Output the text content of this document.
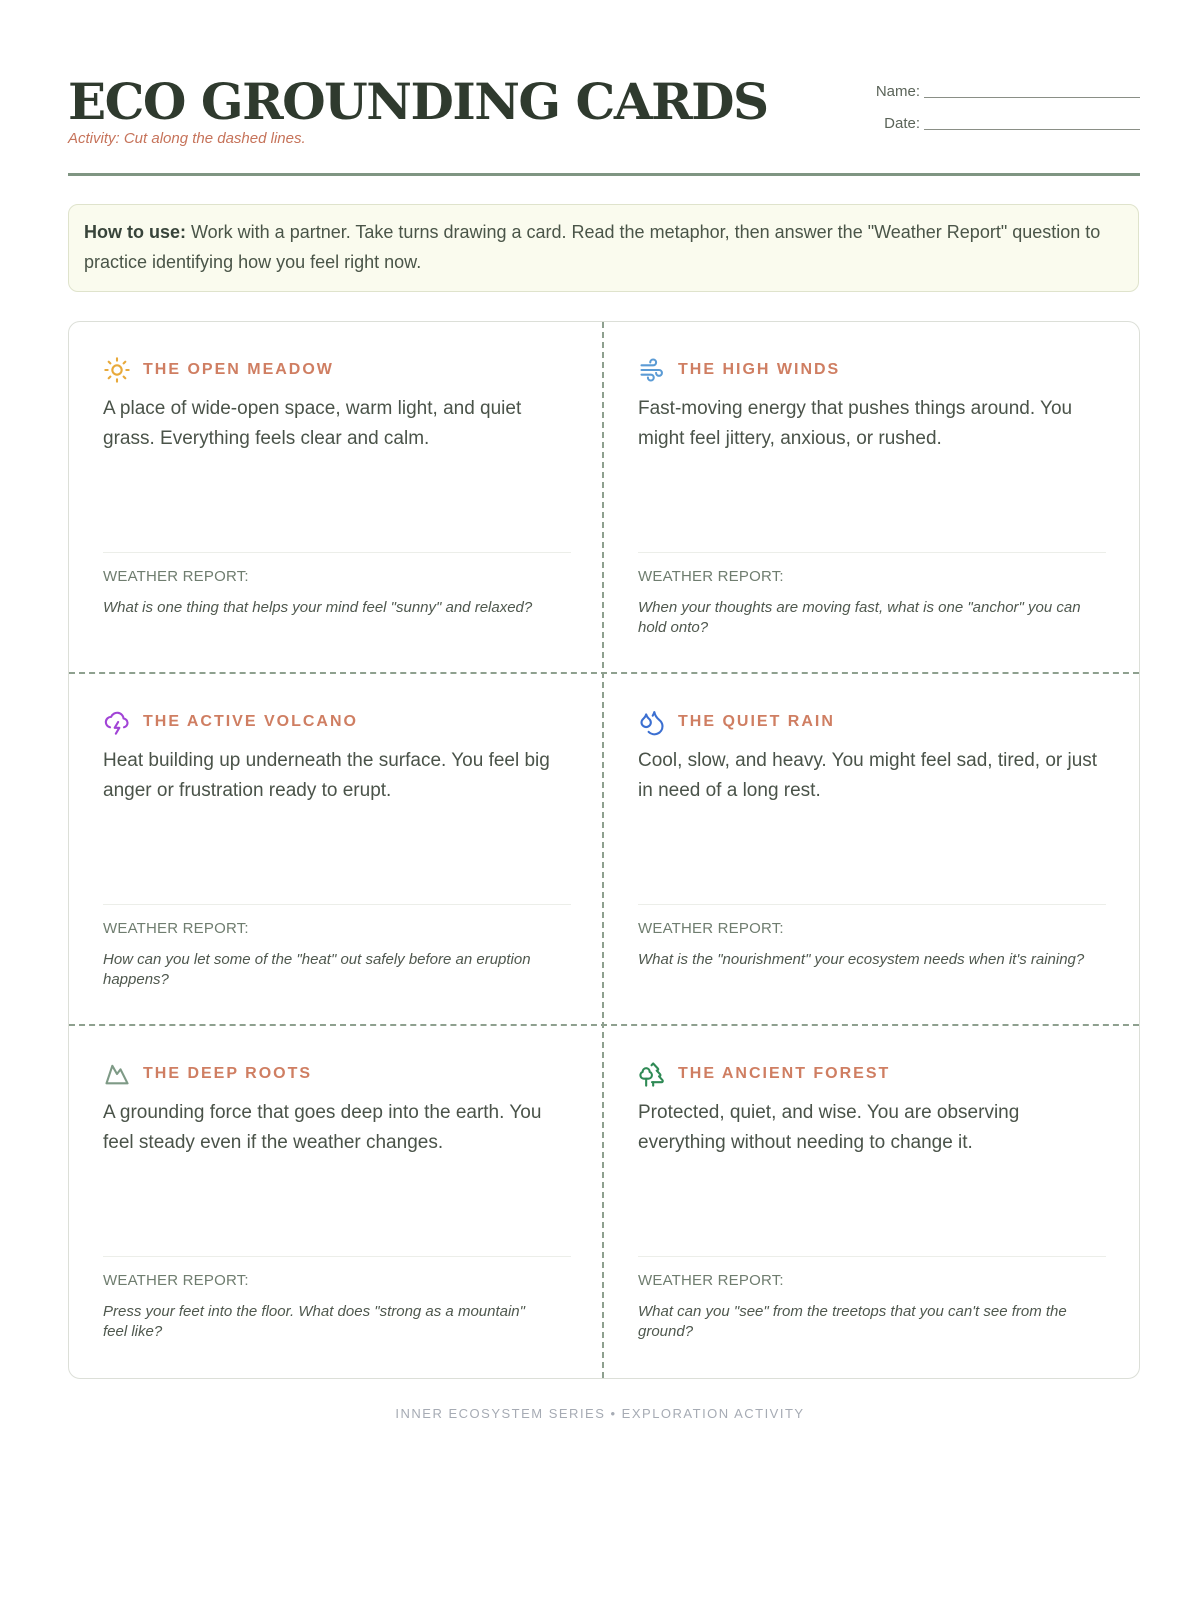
ECO GROUNDING CARDS
Activity: Cut along the dashed lines.
Name:
Date:
How to use: Work with a partner. Take turns drawing a card. Read the metaphor, then answer the "Weather Report" question to practice identifying how you feel right now.
THE OPEN MEADOW
A place of wide-open space, warm light, and quiet grass. Everything feels clear and calm.
WEATHER REPORT:
What is one thing that helps your mind feel "sunny" and relaxed?
THE HIGH WINDS
Fast-moving energy that pushes things around. You might feel jittery, anxious, or rushed.
WEATHER REPORT:
When your thoughts are moving fast, what is one "anchor" you can hold onto?
THE ACTIVE VOLCANO
Heat building up underneath the surface. You feel big anger or frustration ready to erupt.
WEATHER REPORT:
How can you let some of the "heat" out safely before an eruption happens?
THE QUIET RAIN
Cool, slow, and heavy. You might feel sad, tired, or just in need of a long rest.
WEATHER REPORT:
What is the "nourishment" your ecosystem needs when it's raining?
THE DEEP ROOTS
A grounding force that goes deep into the earth. You feel steady even if the weather changes.
WEATHER REPORT:
Press your feet into the floor. What does "strong as a mountain" feel like?
THE ANCIENT FOREST
Protected, quiet, and wise. You are observing everything without needing to change it.
WEATHER REPORT:
What can you "see" from the treetops that you can't see from the ground?
INNER ECOSYSTEM SERIES • EXPLORATION ACTIVITY
